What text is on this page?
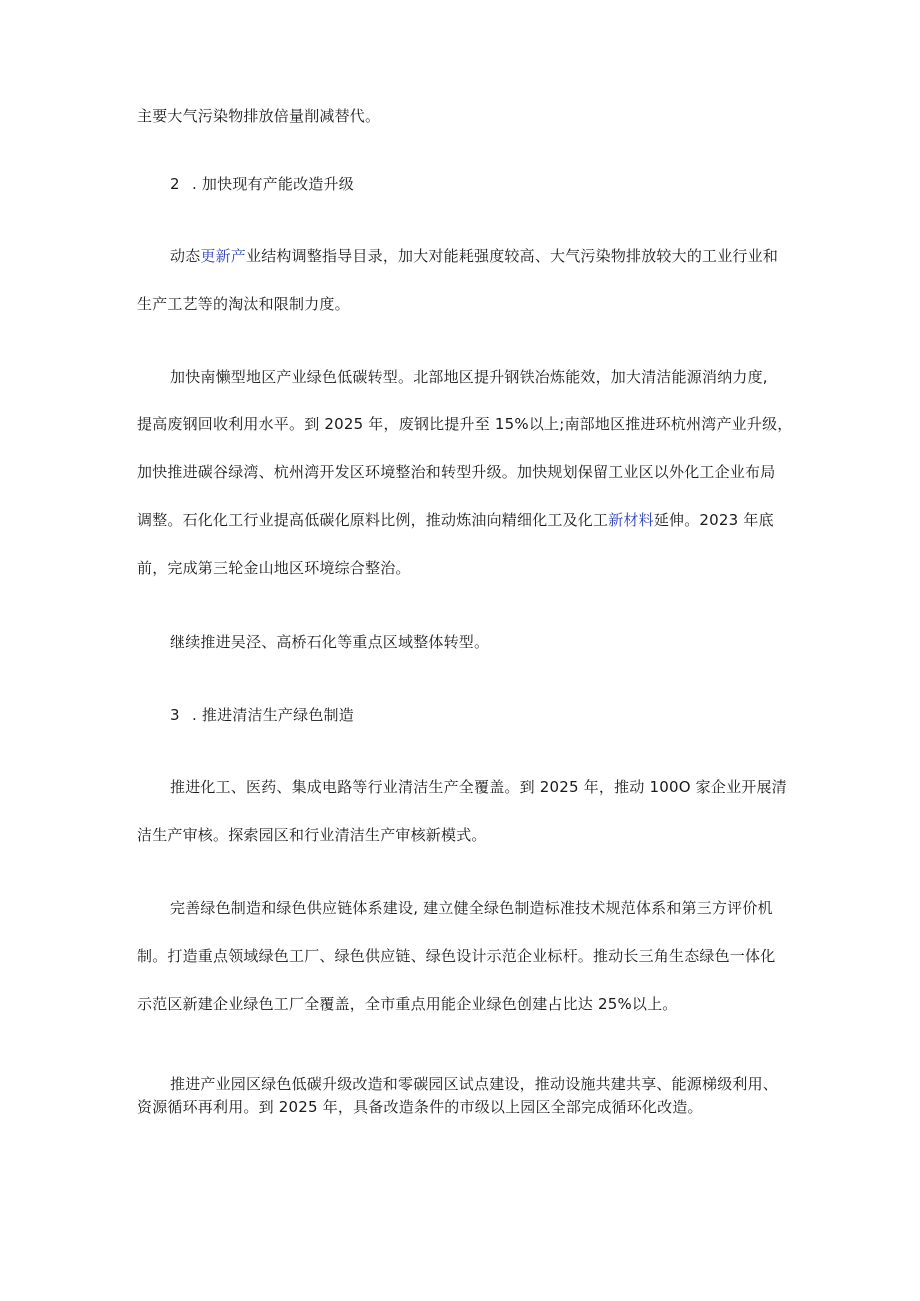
主要大气污染物排放倍量削减替代。
2 . 加快现有产能改造升级
动态更新产业结构调整指导目录，加大对能耗强度较高、大气污染物排放较大的工业行业和
生产工艺等的淘汰和限制力度。
加快南懒型地区产业绿色低碳转型。北部地区提升钢铁冶炼能效，加大清洁能源消纳力度,
提高废钢回收利用水平。到 2025 年，废钢比提升至 15%以上;南部地区推进环杭州湾产业升级，
加快推进碳谷绿湾、杭州湾开发区环境整治和转型升级。加快规划保留工业区以外化工企业布局
调整。石化化工行业提高低碳化原料比例，推动炼油向精细化工及化工新材料延伸。2023 年底
前，完成第三轮金山地区环境综合整治。
继续推进吴泾、高桥石化等重点区域整体转型。
3 . 推进清洁生产绿色制造
推进化工、医药、集成电路等行业清洁生产全覆盖。到 2025 年，推动 100O 家企业开展清
洁生产审核。探索园区和行业清洁生产审核新模式。
完善绿色制造和绿色供应链体系建设, 建立健全绿色制造标准技术规范体系和第三方评价机
制。打造重点领域绿色工厂、绿色供应链、绿色设计示范企业标杆。推动长三角生态绿色一体化
示范区新建企业绿色工厂全覆盖，全市重点用能企业绿色创建占比达 25%以上。
推进产业园区绿色低碳升级改造和零碳园区试点建设，推动设施共建共享、能源梯级利用、
资源循环再利用。到 2025 年，具备改造条件的市级以上园区全部完成循环化改造。
